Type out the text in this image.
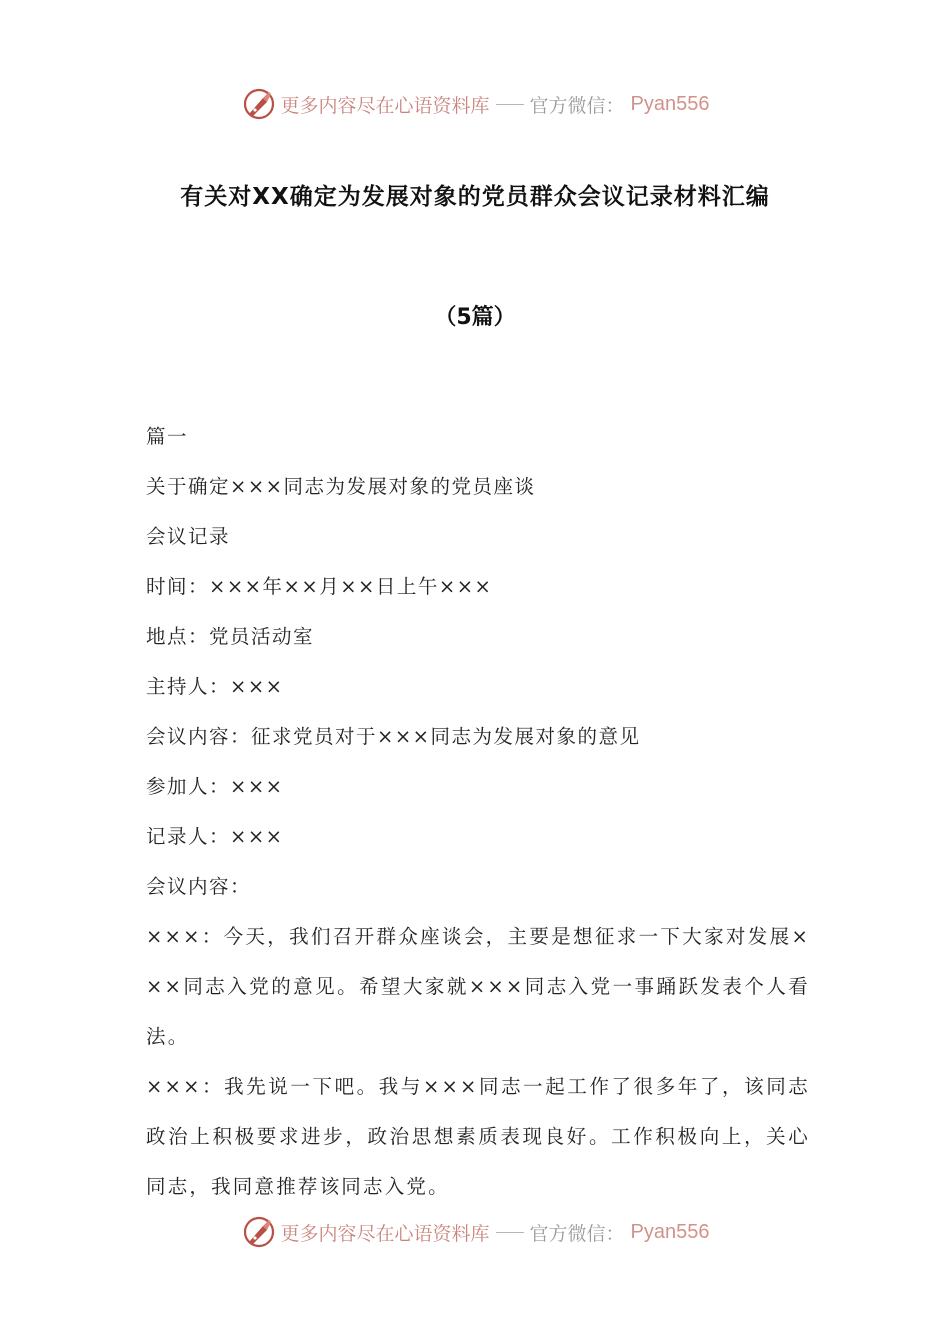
更多内容尽在心语资料库 官方微信： Pyan556
有关对XX确定为发展对象的党员群众会议记录材料汇编
（5篇）
篇一
关于确定×××同志为发展对象的党员座谈
会议记录
时间：×××年××月××日上午×××
地点：党员活动室
主持人：×××
会议内容：征求党员对于×××同志为发展对象的意见
参加人：×××
记录人：×××
会议内容：
×××：今天，我们召开群众座谈会，主要是想征求一下大家对发展×××同志入党的意见。希望大家就×××同志入党一事踊跃发表个人看法。
×××：我先说一下吧。我与×××同志一起工作了很多年了，该同志政治上积极要求进步，政治思想素质表现良好。工作积极向上，关心同志，我同意推荐该同志入党。
更多内容尽在心语资料库 官方微信： Pyan556
